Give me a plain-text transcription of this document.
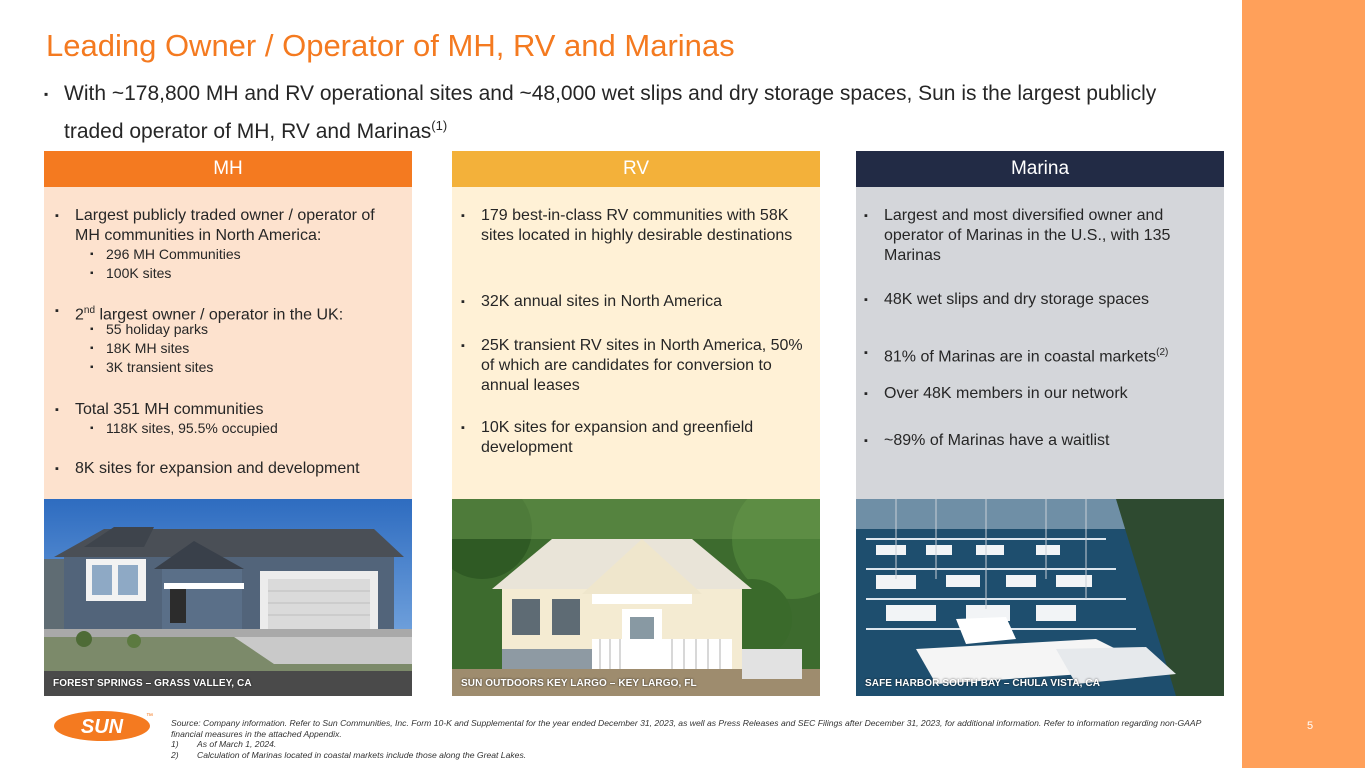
Leading Owner / Operator of MH, RV and Marinas
▪ With ~178,800 MH and RV operational sites and ~48,000 wet slips and dry storage spaces, Sun is the largest publicly traded operator of MH, RV and Marinas$^{(1)}$
MH
▪ Largest publicly traded owner / operator of MH communities in North America:
▪ 296 MH Communities
▪ 100K sites
▪ 2nd largest owner / operator in the UK:
▪ 55 holiday parks
▪ 18K MH sites
▪ 3K transient sites
▪ Total 351 MH communities
▪ 118K sites, 95.5% occupied
▪ 8K sites for expansion and development
FOREST SPRINGS – GRASS VALLEY, CA
RV
▪ 179 best-in-class RV communities with 58K sites located in highly desirable destinations
▪ 32K annual sites in North America
▪ 25K transient RV sites in North America, 50% of which are candidates for conversion to annual leases
▪ 10K sites for expansion and greenfield development
SUN OUTDOORS KEY LARGO – KEY LARGO, FL
Marina
▪ Largest and most diversified owner and operator of Marinas in the U.S., with 135 Marinas
▪ 48K wet slips and dry storage spaces
▪ 81% of Marinas are in coastal markets$^{(2)}$
▪ Over 48K members in our network
▪ ~89% of Marinas have a waitlist
SAFE HARBOR SOUTH BAY – CHULA VISTA, CA
SUN	™
Source: Company information. Refer to Sun Communities, Inc. Form 10-K and Supplemental for the year ended December 31, 2023, as well as Press Releases and SEC Filings after December 31, 2023, for additional information. Refer to information regarding non-GAAP financial measures in the attached Appendix.
1) As of March 1, 2024.
2) Calculation of Marinas located in coastal markets include those along the Great Lakes.
5
